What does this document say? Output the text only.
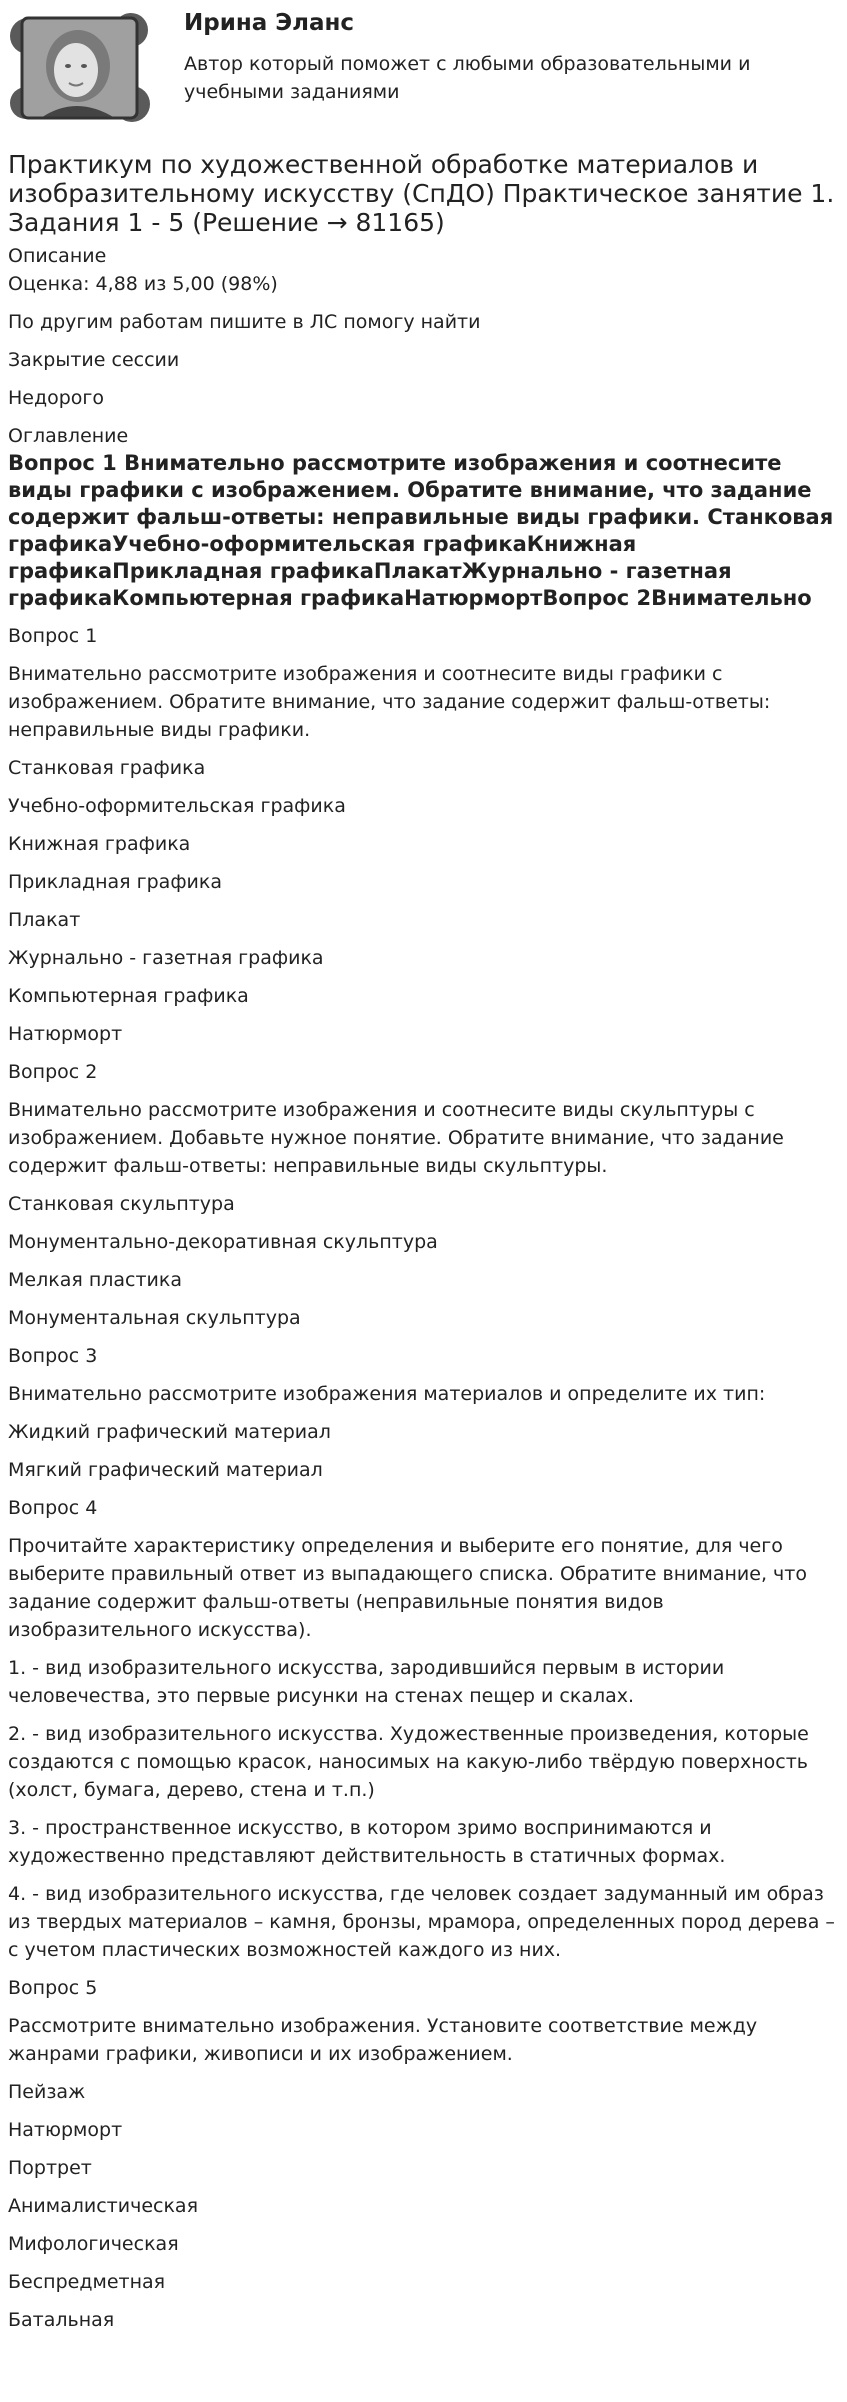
Ирина Эланс
Автор который поможет с любыми образовательными и учебными заданиями
Практикум по художественной обработке материалов и изобразительному искусству (СпДО) Практическое занятие 1. Задания 1 - 5 (Решение → 81165)
Описание
Оценка: 4,88 из 5,00 (98%)
По другим работам пишите в ЛС помогу найти
Закрытие сессии
Недорого
Оглавление
Вопрос 1 Внимательно рассмотрите изображения и соотнесите виды графики с изображением. Обратите внимание, что задание содержит фальш-ответы: неправильные виды графики. Станковая графикаУчебно-оформительская графикаКнижная графикаПрикладная графикаПлакатЖурнально - газетная графикаКомпьютерная графикаНатюрмортВопрос 2Внимательно
Вопрос 1
Внимательно рассмотрите изображения и соотнесите виды графики с изображением. Обратите внимание, что задание содержит фальш-ответы: неправильные виды графики.
Станковая графика
Учебно-оформительская графика
Книжная графика
Прикладная графика
Плакат
Журнально - газетная графика
Компьютерная графика
Натюрморт
Вопрос 2
Внимательно рассмотрите изображения и соотнесите виды скульптуры с изображением. Добавьте нужное понятие. Обратите внимание, что задание содержит фальш-ответы: неправильные виды скульптуры.
Станковая скульптура
Монументально-декоративная скульптура
Мелкая пластика
Монументальная скульптура
Вопрос 3
Внимательно рассмотрите изображения материалов и определите их тип:
Жидкий графический материал
Мягкий графический материал
Вопрос 4
Прочитайте характеристику определения и выберите его понятие, для чего выберите правильный ответ из выпадающего списка. Обратите внимание, что задание содержит фальш-ответы (неправильные понятия видов изобразительного искусства).
1. - вид изобразительного искусства, зародившийся первым в истории человечества, это первые рисунки на стенах пещер и скалах.
2. - вид изобразительного искусства. Художественные произведения, которые создаются с помощью красок, наносимых на какую-либо твёрдую поверхность (холст, бумага, дерево, стена и т.п.)
3. - пространственное искусство, в котором зримо воспринимаются и художественно представляют действительность в статичных формах.
4. - вид изобразительного искусства, где человек создает задуманный им образ из твердых материалов – камня, бронзы, мрамора, определенных пород дерева – с учетом пластических возможностей каждого из них.
Вопрос 5
Рассмотрите внимательно изображения. Установите соответствие между жанрами графики, живописи и их изображением.
Пейзаж
Натюрморт
Портрет
Анималистическая
Мифологическая
Беспредметная
Батальная
